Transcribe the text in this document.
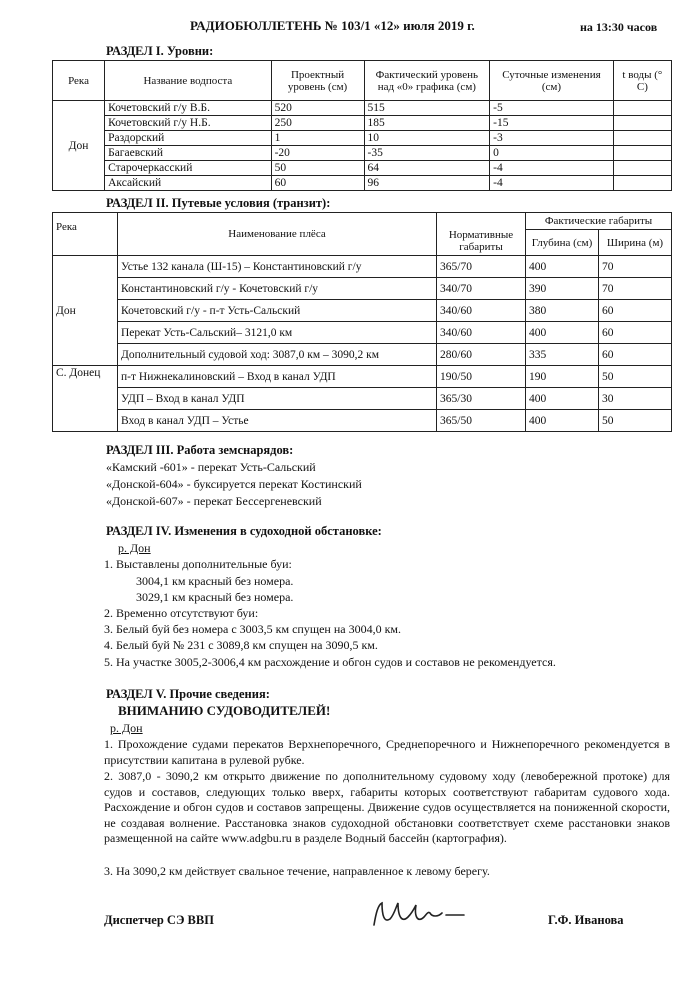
РАДИОБЮЛЛЕТЕНЬ № 103/1 «12» июля 2019 г.	на 13:30 часов
РАЗДЕЛ I. Уровни:
Река	Название водпоста	Проектный уровень (см)	Фактический уровень над «0» графика (см)	Суточные изменения (см)	t воды (° С)
Дон	Кочетовский г/у В.Б.	520	515	-5	
	Кочетовский г/у Н.Б.	250	185	-15	
	Раздорский	1	10	-3	
	Багаевский	-20	-35	0	
	Старочеркасский	50	64	-4	
	Аксайский	60	96	-4	
РАЗДЕЛ II. Путевые условия (транзит):
Река	Наименование плёса	Нормативные габариты	Фактические габариты	
			Глубина (см)	Ширина (м)
Дон	Устье 132 канала (Ш-15) – Константиновский г/у	365/70	400	70
	Константиновский г/у - Кочетовский г/у	340/70	390	70
	Кочетовский г/у - п-т Усть-Сальский	340/60	380	60
	Перекат Усть-Сальский– 3121,0 км	340/60	400	60
	Дополнительный судовой ход: 3087,0 км – 3090,2 км	280/60	335	60
С. Донец	п-т Нижнекалиновский – Вход в канал УДП	190/50	190	50
	УДП – Вход в канал УДП	365/30	400	30
	Вход в канал УДП – Устье	365/50	400	50
РАЗДЕЛ III. Работа земснарядов:
«Камский -601» - перекат Усть-Сальский
«Донской-604» - буксируется перекат Костинский
«Донской-607» - перекат Бессергеневский
РАЗДЕЛ IV. Изменения в судоходной обстановке:
р. Дон
1. Выставлены дополнительные буи:
3004,1 км красный без номера.
3029,1 км красный без номера.
2. Временно отсутствуют буи:
3. Белый буй без номера с 3003,5 км спущен на 3004,0 км.
4. Белый буй № 231 с 3089,8 км спущен на 3090,5 км.
5. На участке 3005,2-3006,4 км расхождение и обгон судов и составов не рекомендуется.
РАЗДЕЛ V. Прочие сведения:
ВНИМАНИЮ СУДОВОДИТЕЛЕЙ!
р. Дон
1. Прохождение судами перекатов Верхнепоречного, Среднепоречного и Нижнепоречного рекомендуется в присутствии капитана в рулевой рубке.
2. 3087,0 - 3090,2 км открыто движение по дополнительному судовому ходу (левобережной протоке) для судов и составов, следующих только вверх, габариты которых соответствуют габаритам судового хода. Расхождение и обгон судов и составов запрещены. Движение судов осуществляется на пониженной скорости, не создавая волнение. Расстановка знаков судоходной обстановки соответствует схеме расстановки знаков размещенной на сайте www.adgbu.ru в разделе Водный бассейн (картография).
3. На 3090,2 км действует свальное течение, направленное к левому берегу.
Диспетчер СЭ ВВП	Г.Ф. Иванова
